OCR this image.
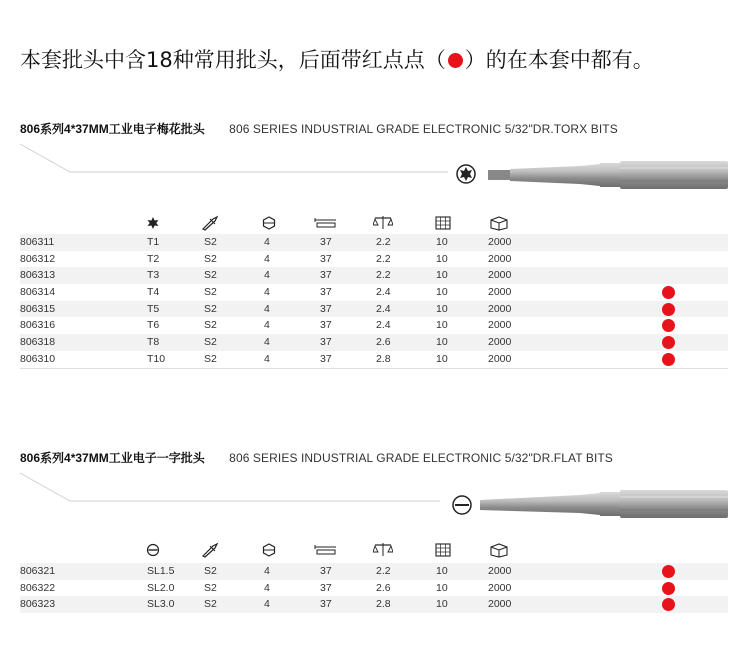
本套批头中含18种常用批头，后面带红点点（ ）的在本套中都有。
806系列4*37MM工业电子梅花批头 806 SERIES INDUSTRIAL GRADE ELECTRONIC 5/32"DR.TORX BITS
806311	T1	S2	4	37	2.2	10	2000
806312	T2	S2	4	37	2.2	10	2000
806313	T3	S2	4	37	2.2	10	2000
806314	T4	S2	4	37	2.4	10	2000
806315	T5	S2	4	37	2.4	10	2000
806316	T6	S2	4	37	2.4	10	2000
806318	T8	S2	4	37	2.6	10	2000
806310	T10	S2	4	37	2.8	10	2000
806系列4*37MM工业电子一字批头 806 SERIES INDUSTRIAL GRADE ELECTRONIC 5/32"DR.FLAT BITS
806321	SL1.5	S2	4	37	2.2	10	2000
806322	SL2.0	S2	4	37	2.6	10	2000
806323	SL3.0	S2	4	37	2.8	10	2000
